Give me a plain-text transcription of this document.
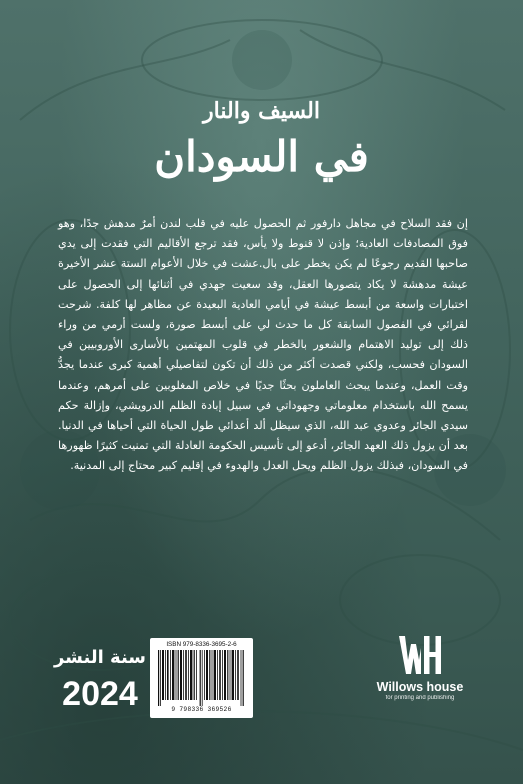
السيف والنار

في السودان

إن فقد السلاح في مجاهل دارفور ثم الحصول عليه في قلب لندن أمرٌ مدهش جدًا، وهو فوق المصادفات العادية؛ وإذن لا قنوط ولا يأس، فقد ترجع الأقاليم التي فقدت إلى يدي صاحبها القديم رجوعًا لم يكن يخطر على بال.عشت في خلال الأعوام الستة عشر الأخيرة عيشة مدهشة لا يكاد يتصورها العقل، وقد سعيت جهدي في أثنائها إلى الحصول على اختبارات واسعة من أبسط عيشة في أيامي العادية البعيدة عن مظاهر لها كلفة. شرحت لقرائي في الفصول السابقة كل ما حدث لي على أبسط صورة، ولست أرمي من وراء ذلك إلى توليد الاهتمام والشعور بالخطر في قلوب المهتمين بالأسارى الأوروبيين في السودان فحسب، ولكني قصدت أكثر من ذلك أن تكون لتفاصيلي أهمية كبرى عندما يجدُّ وقت العمل، وعندما يبحث العاملون بحثًا جديًا في خلاص المغلوبين على أمرهم، وعندما يسمح الله باستخدام معلوماتي وجهوداتي في سبيل إبادة الظلم الدرويشي، وإزالة حكم سيدي الجائر وعدوي عبد الله، الذي سيظل ألد أعدائي طول الحياة التي أحياها في الدنيا. بعد أن يزول ذلك العهد الجائر، أدعو إلى تأسيس الحكومة العادلة التي تمنيت كثيرًا ظهورها في السودان، فبذلك يزول الظلم ويحل العدل والهدوء في إقليم كبير محتاج إلى المدنية.

سنة النشر
2024
ISBN 979-8336-3695-2-6
9 798336 369526
Willows house
for printing and publishing
